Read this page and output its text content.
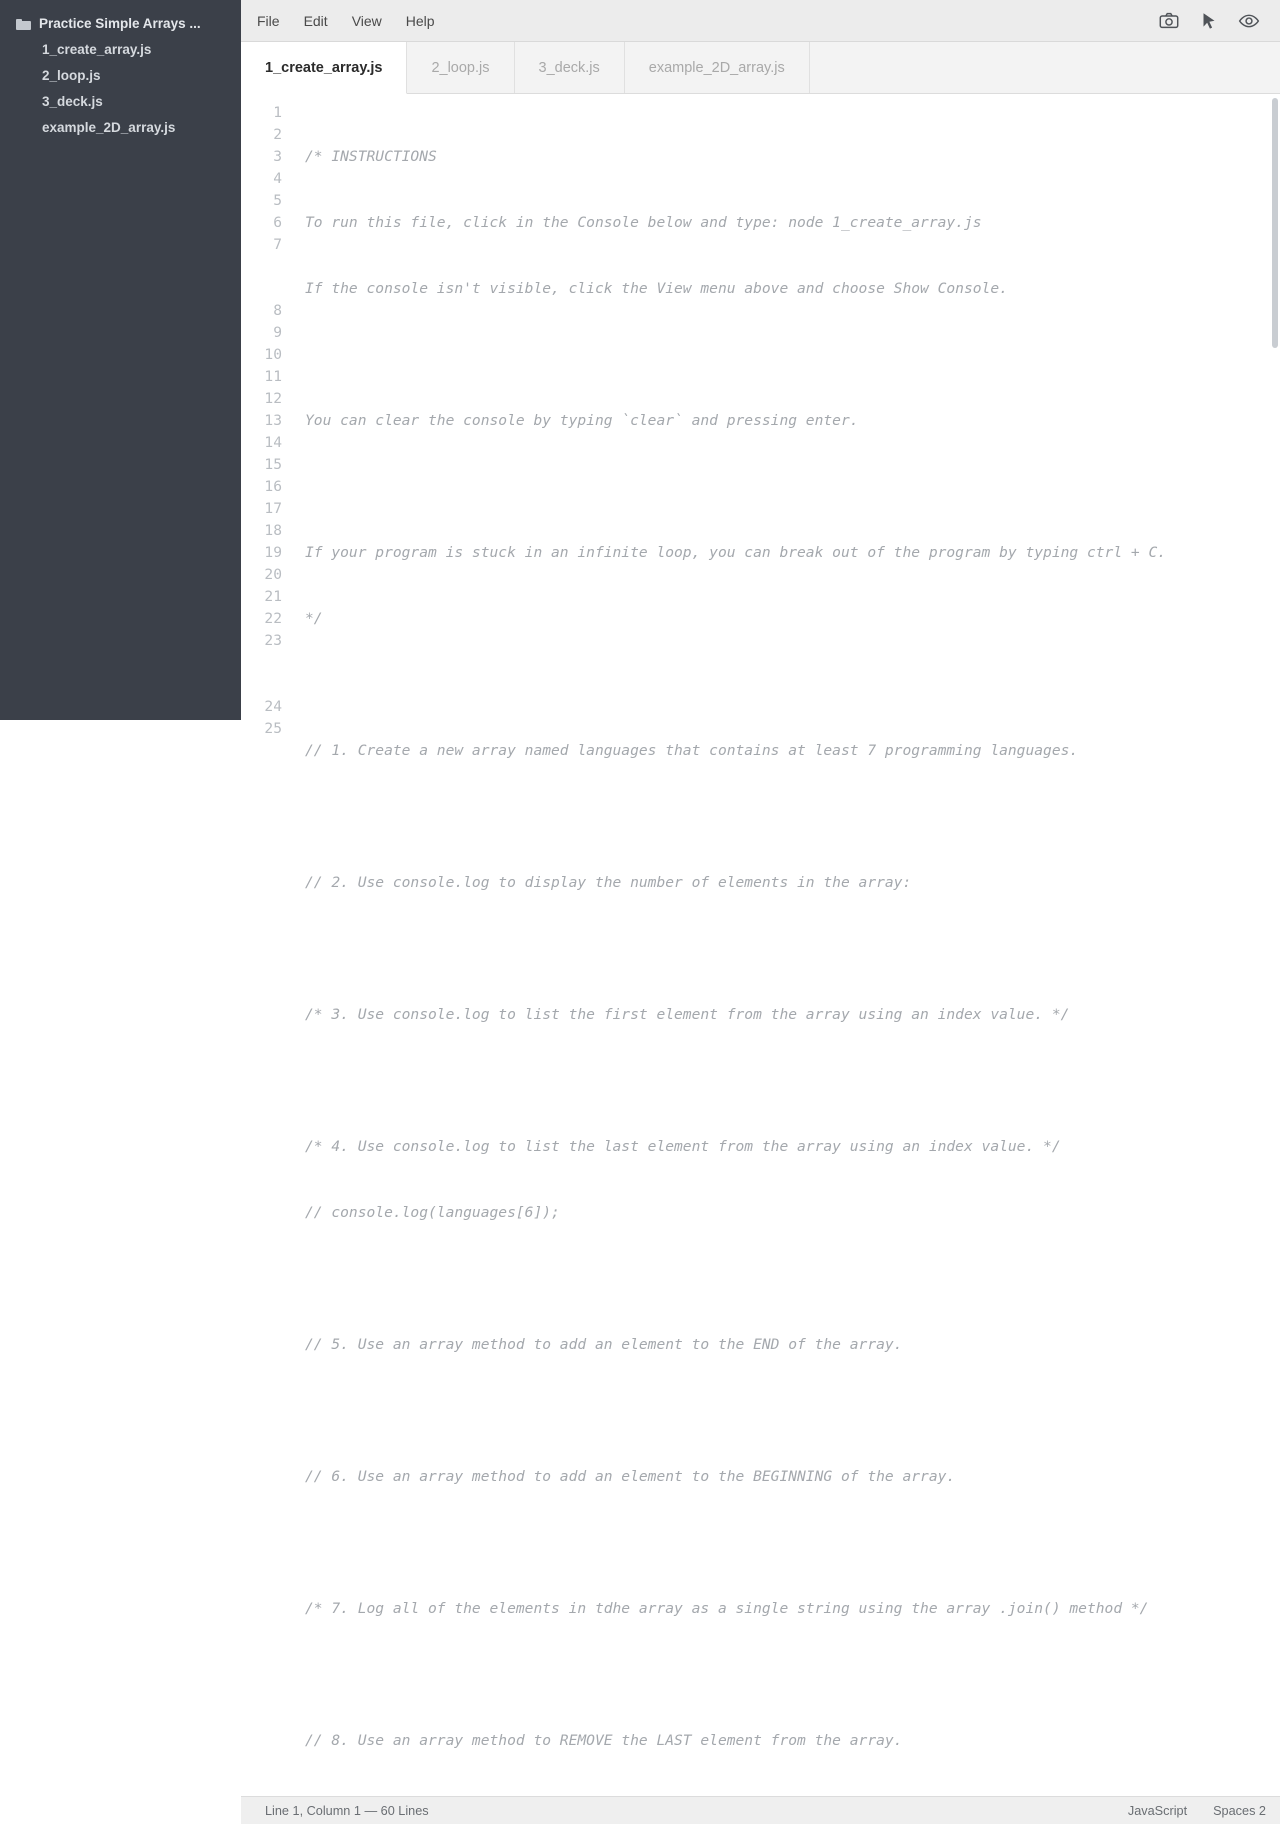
Practice Simple Arrays ...
1_create_array.js
2_loop.js
3_deck.js
example_2D_array.js
File	Edit	View	Help
1_create_array.js	2_loop.js	3_deck.js	example_2D_array.js
1
2
3
4
5
6
7
8
9
10
11
12
13
14
15
16
17
18
19
20
21
22
23
24
25

/* INSTRUCTIONS

To run this file, click in the Console below and type: node 1_create_array.js

If the console isn't visible, click the View menu above and choose Show Console.

You can clear the console by typing `clear` and pressing enter.

If your program is stuck in an infinite loop, you can break out of the program by typing ctrl + C.

*/

// 1. Create a new array named languages that contains at least 7 programming languages.

// 2. Use console.log to display the number of elements in the array:

/* 3. Use console.log to list the first element from the array using an index value. */

/* 4. Use console.log to list the last element from the array using an index value. */

// console.log(languages[6]);

// 5. Use an array method to add an element to the END of the array.

// 6. Use an array method to add an element to the BEGINNING of the array.

/* 7. Log all of the elements in tdhe array as a single string using the array .join() method */

// 8. Use an array method to REMOVE the LAST element from the array.

Line 1, Column 1 — 60 Lines	JavaScript Spaces 2
